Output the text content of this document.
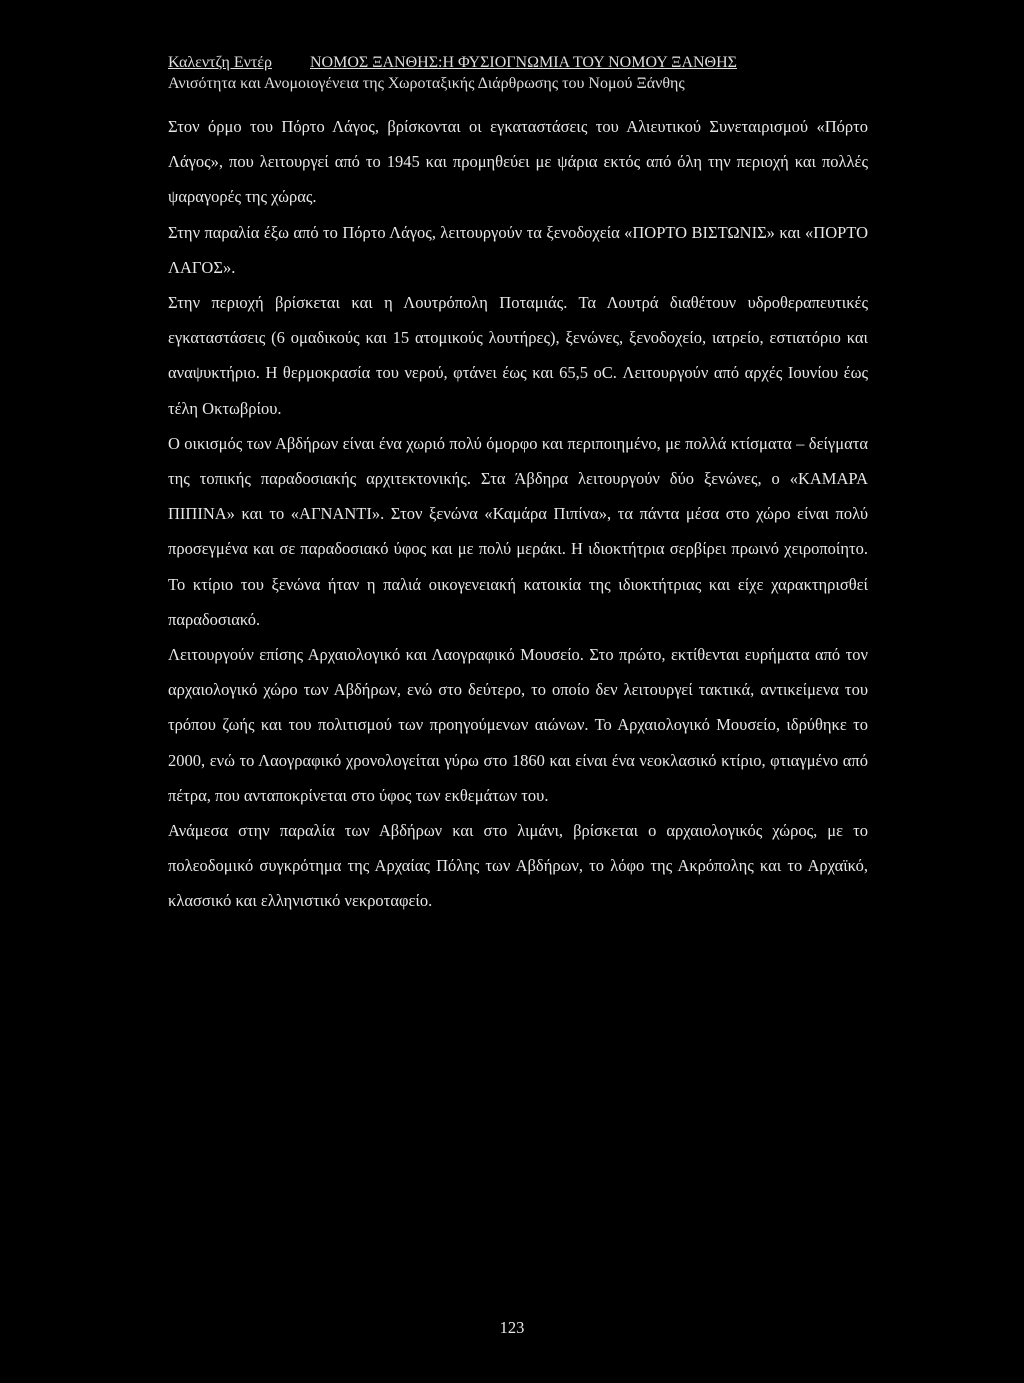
Καλεντζη Εντέρ ΝΟΜΟΣ ΞΑΝΘΗΣ:Η ΦΥΣΙΟΓΝΩΜΙΑ ΤΟΥ ΝΟΜΟΥ ΞΑΝΘΗΣ
Ανισότητα και Ανομοιογένεια της Χωροταξικής Διάρθρωσης του Νομού Ξάνθης

Στον όρμο του Πόρτο Λάγος, βρίσκονται οι εγκαταστάσεις του Αλιευτικού Συνεταιρισμού «Πόρτο Λάγος», που λειτουργεί από το 1945 και προμηθεύει με ψάρια εκτός από όλη την περιοχή και πολλές ψαραγορές της χώρας.

Στην παραλία έξω από το Πόρτο Λάγος, λειτουργούν τα ξενοδοχεία «ΠΟΡΤΟ ΒΙΣΤΩΝΙΣ» και «ΠΟΡΤΟ ΛΑΓΟΣ».

Στην περιοχή βρίσκεται και η Λουτρόπολη Ποταμιάς. Τα Λουτρά διαθέτουν υδροθεραπευτικές εγκαταστάσεις (6 ομαδικούς και 15 ατομικούς λουτήρες), ξενώνες, ξενοδοχείο, ιατρείο, εστιατόριο και αναψυκτήριο. Η θερμοκρασία του νερού, φτάνει έως και 65,5 oC. Λειτουργούν από αρχές Ιουνίου έως τέλη Οκτωβρίου.

Ο οικισμός των Αβδήρων είναι ένα χωριό πολύ όμορφο και περιποιημένο, με πολλά κτίσματα – δείγματα της τοπικής παραδοσιακής αρχιτεκτονικής. Στα Άβδηρα λειτουργούν δύο ξενώνες, ο «ΚΑΜΑΡΑ ΠΙΠΙΝΑ» και το «ΑΓΝΑΝΤΙ». Στον ξενώνα «Καμάρα Πιπίνα», τα πάντα μέσα στο χώρο είναι πολύ προσεγμένα και σε παραδοσιακό ύφος και με πολύ μεράκι. Η ιδιοκτήτρια σερβίρει πρωινό χειροποίητο. Το κτίριο του ξενώνα ήταν η παλιά οικογενειακή κατοικία της ιδιοκτήτριας και είχε χαρακτηρισθεί παραδοσιακό.

Λειτουργούν επίσης Αρχαιολογικό και Λαογραφικό Μουσείο. Στο πρώτο, εκτίθενται ευρήματα από τον αρχαιολογικό χώρο των Αβδήρων, ενώ στο δεύτερο, το οποίο δεν λειτουργεί τακτικά, αντικείμενα του τρόπου ζωής και του πολιτισμού των προηγούμενων αιώνων. Το Αρχαιολογικό Μουσείο, ιδρύθηκε το 2000, ενώ το Λαογραφικό χρονολογείται γύρω στο 1860 και είναι ένα νεοκλασικό κτίριο, φτιαγμένο από πέτρα, που ανταποκρίνεται στο ύφος των εκθεμάτων του.

Ανάμεσα στην παραλία των Αβδήρων και στο λιμάνι, βρίσκεται ο αρχαιολογικός χώρος, με το πολεοδομικό συγκρότημα της Αρχαίας Πόλης των Αβδήρων, το λόφο της Ακρόπολης και το Αρχαϊκό, κλασσικό και ελληνιστικό νεκροταφείο.

123
